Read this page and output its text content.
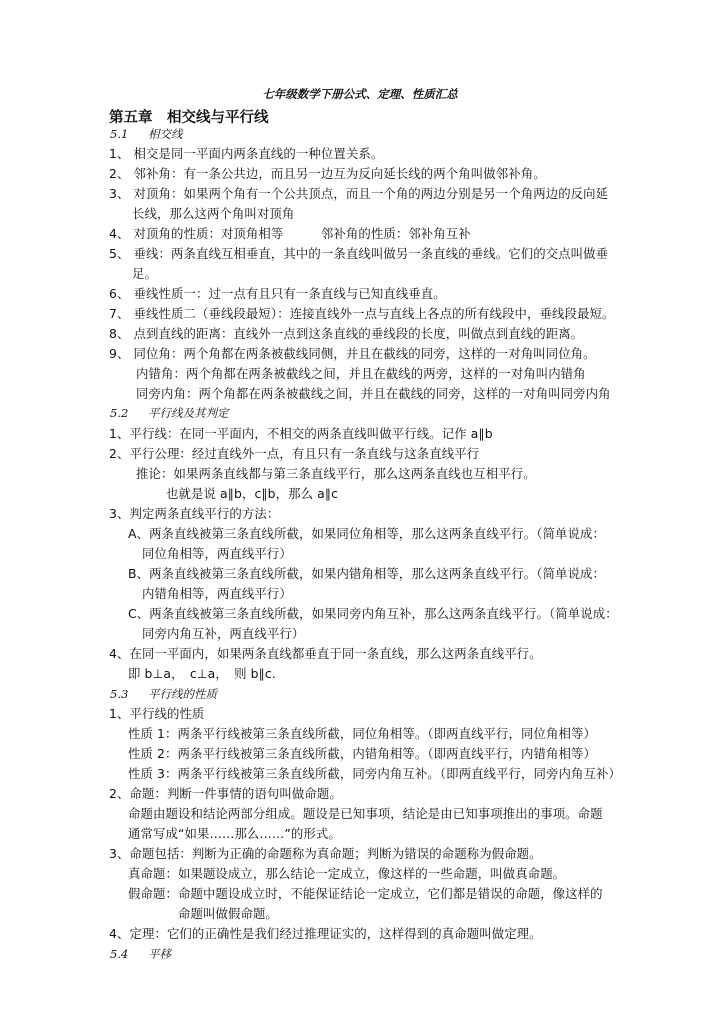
七年级数学下册公式、定理、性质汇总
第五章　相交线与平行线
5.1 相交线
1、 相交是同一平面内两条直线的一种位置关系。
2、 邻补角：有一条公共边，而且另一边互为反向延长线的两个角叫做邻补角。
3、 对顶角：如果两个角有一个公共顶点，而且一个角的两边分别是另一个角两边的反向延
长线，那么这两个角叫对顶角
4、 对顶角的性质：对顶角相等　　　邻补角的性质：邻补角互补
5、 垂线：两条直线互相垂直，其中的一条直线叫做另一条直线的垂线。它们的交点叫做垂
足。
6、 垂线性质一：过一点有且只有一条直线与已知直线垂直。
7、 垂线性质二（垂线段最短）：连接直线外一点与直线上各点的所有线段中，垂线段最短。
8、 点到直线的距离：直线外一点到这条直线的垂线段的长度，叫做点到直线的距离。
9、 同位角：两个角都在两条被截线同侧，并且在截线的同旁，这样的一对角叫同位角。
内错角：两个角都在两条被截线之间，并且在截线的两旁，这样的一对角叫内错角
同旁内角：两个角都在两条被截线之间，并且在截线的同旁，这样的一对角叫同旁内角
5.2 平行线及其判定
1、平行线：在同一平面内，不相交的两条直线叫做平行线。记作 a∥b
2、平行公理：经过直线外一点，有且只有一条直线与这条直线平行
推论：如果两条直线都与第三条直线平行，那么这两条直线也互相平行。
也就是说 a∥b，c∥b，那么 a∥c
3、判定两条直线平行的方法：
A、两条直线被第三条直线所截，如果同位角相等，那么这两条直线平行。（简单说成：
同位角相等，两直线平行）
B、两条直线被第三条直线所截，如果内错角相等，那么这两条直线平行。（简单说成：
内错角相等，两直线平行）
C、两条直线被第三条直线所截，如果同旁内角互补，那么这两条直线平行。（简单说成：
同旁内角互补，两直线平行）
4、在同一平面内，如果两条直线都垂直于同一条直线，那么这两条直线平行。
即 b⊥a，　c⊥a，　则 b∥c.
5.3 平行线的性质
1、平行线的性质
性质 1：两条平行线被第三条直线所截，同位角相等。（即两直线平行，同位角相等）
性质 2：两条平行线被第三条直线所截，内错角相等。（即两直线平行，内错角相等）
性质 3：两条平行线被第三条直线所截，同旁内角互补。（即两直线平行，同旁内角互补）
2、命题：判断一件事情的语句叫做命题。
命题由题设和结论两部分组成。题设是已知事项，结论是由已知事项推出的事项。命题
通常写成“如果……那么……”的形式。
3、命题包括：判断为正确的命题称为真命题；判断为错误的命题称为假命题。
真命题：如果题设成立，那么结论一定成立，像这样的一些命题，叫做真命题。
假命题：命题中题设成立时，不能保证结论一定成立，它们都是错误的命题，像这样的
命题叫做假命题。
4、定理：它们的正确性是我们经过推理证实的，这样得到的真命题叫做定理。
5.4 平移
